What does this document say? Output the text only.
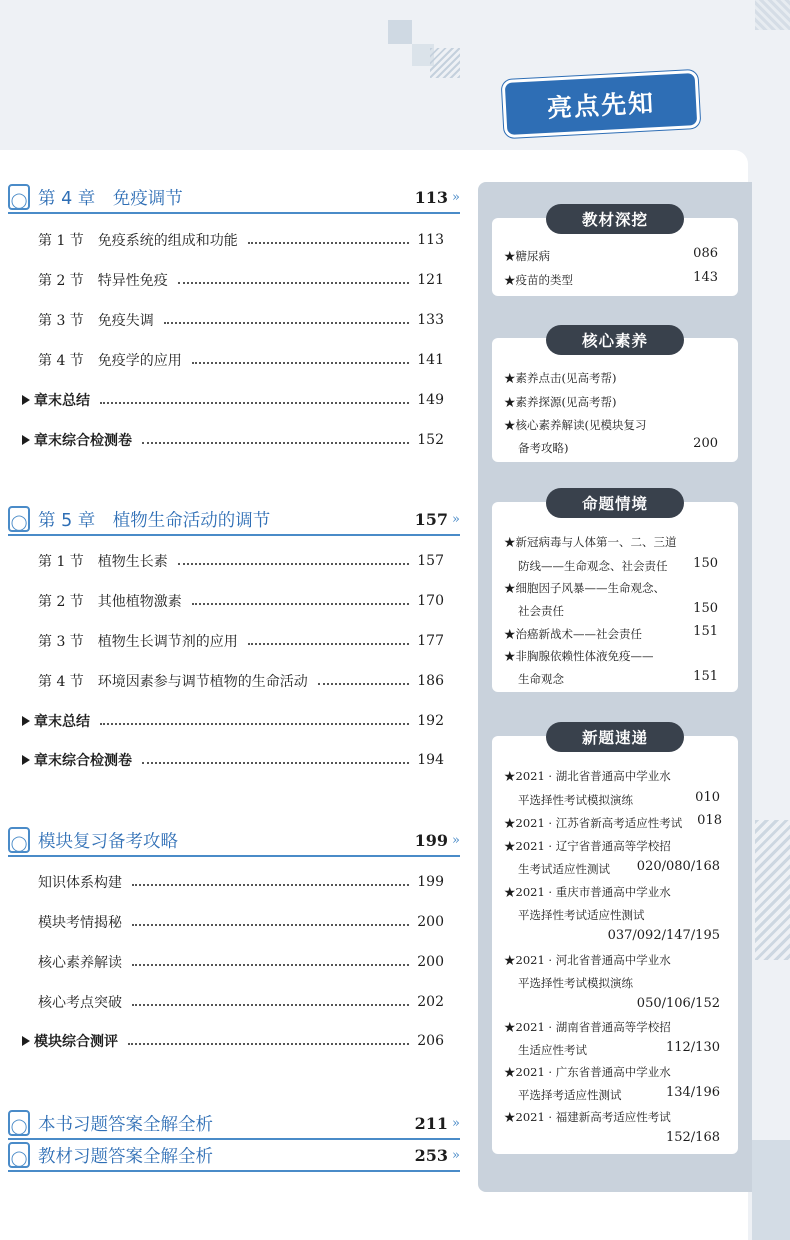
亮点先知
◯ 第 4 章　免疫调节	113 »
第 1 节　免疫系统的组成和功能	113
第 2 节　特异性免疫	121
第 3 节　免疫失调	133
第 4 节　免疫学的应用	141
章末总结	149
章末综合检测卷	152
◯ 第 5 章　植物生命活动的调节	157 »
第 1 节　植物生长素	157
第 2 节　其他植物激素	170
第 3 节　植物生长调节剂的应用	177
第 4 节　环境因素参与调节植物的生命活动	186
章末总结	192
章末综合检测卷	194
◯ 模块复习备考攻略	199 »
知识体系构建	199
模块考情揭秘	200
核心素养解读	200
核心考点突破	202
模块综合测评	206
◯ 本书习题答案全解全析	211 »
◯ 教材习题答案全解全析	253 »
教材深挖
★糖尿病	086
★疫苗的类型	143
核心素养
★素养点击(见高考帮)
★素养探源(见高考帮)
★核心素养解读(见模块复习
备考攻略)	200
命题情境
★新冠病毒与人体第一、二、三道
防线——生命观念、社会责任	150
★细胞因子风暴——生命观念、
社会责任	150
★治癌新战术——社会责任	151
★非胸腺依赖性体液免疫——
生命观念	151
新题速递
★2021 · 湖北省普通高中学业水
平选择性考试模拟演练	010
★2021 · 江苏省新高考适应性考试	018
★2021 · 辽宁省普通高等学校招
生考试适应性测试	020/080/168
★2021 · 重庆市普通高中学业水
平选择性考试适应性测试
037/092/147/195
★2021 · 河北省普通高中学业水
平选择性考试模拟演练
050/106/152
★2021 · 湖南省普通高等学校招
生适应性考试	112/130
★2021 · 广东省普通高中学业水
平选择考适应性测试	134/196
★2021 · 福建新高考适应性考试
152/168
